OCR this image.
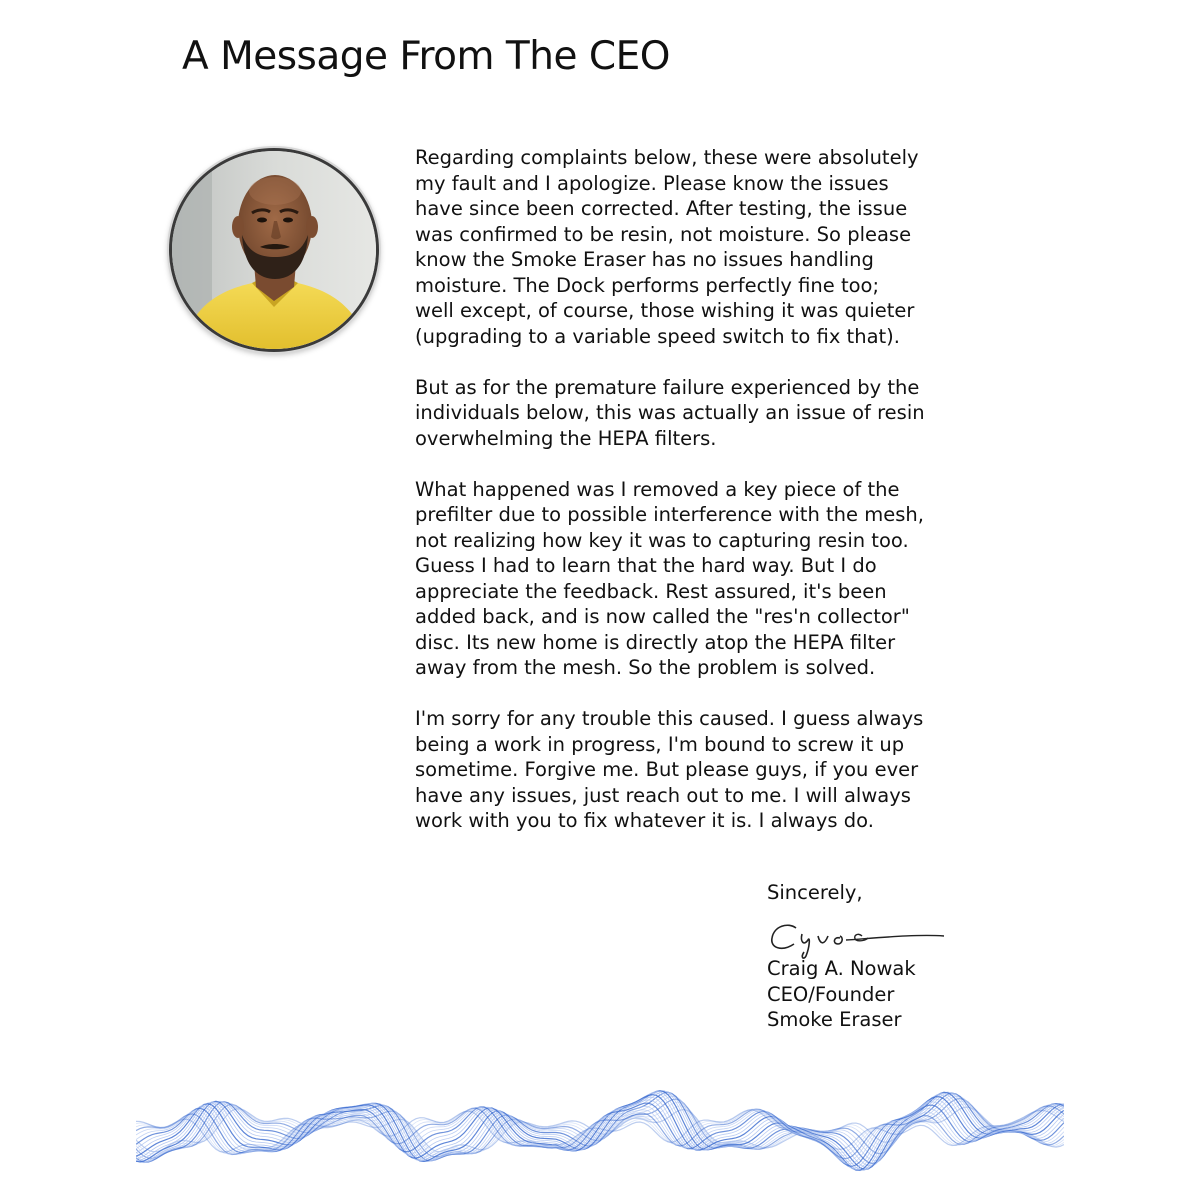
A Message From The CEO

Regarding complaints below, these were absolutely
my fault and I apologize. Please know the issues
have since been corrected. After testing, the issue
was confirmed to be resin, not moisture. So please
know the Smoke Eraser has no issues handling
moisture. The Dock performs perfectly fine too;
well except, of course, those wishing it was quieter
(upgrading to a variable speed switch to fix that).

But as for the premature failure experienced by the
individuals below, this was actually an issue of resin
overwhelming the HEPA filters.

What happened was I removed a key piece of the
prefilter due to possible interference with the mesh,
not realizing how key it was to capturing resin too.
Guess I had to learn that the hard way. But I do
appreciate the feedback. Rest assured, it's been
added back, and is now called the "res'n collector"
disc. Its new home is directly atop the HEPA filter
away from the mesh. So the problem is solved.

I'm sorry for any trouble this caused. I guess always
being a work in progress, I'm bound to screw it up
sometime. Forgive me. But please guys, if you ever
have any issues, just reach out to me. I will always
work with you to fix whatever it is. I always do.

Sincerely,
Craig A. Nowak
CEO/Founder
Smoke Eraser
